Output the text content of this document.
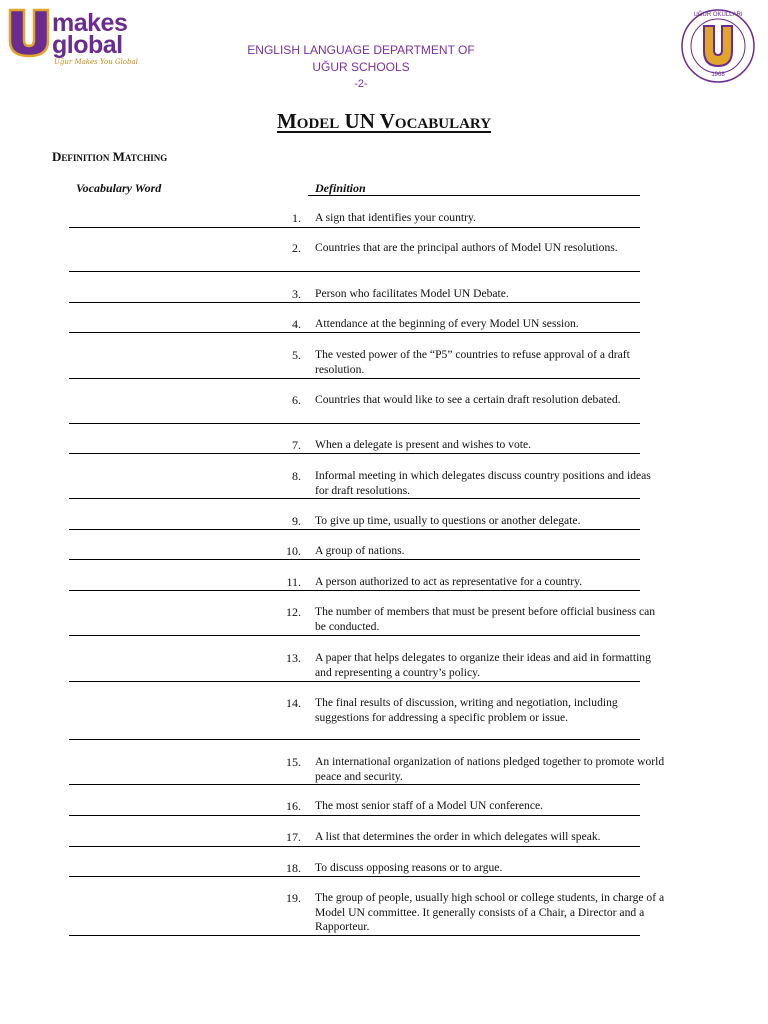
makes
global
Uğur Makes You Global
ENGLISH LANGUAGE DEPARTMENT OF
UĞUR SCHOOLS
-2-
UĞUR OKULLARI
1968
Model UN Vocabulary
Definition Matching
Vocabulary Word	Definition
1. A sign that identifies your country.
2. Countries that are the principal authors of Model UN resolutions.
3. Person who facilitates Model UN Debate.
4. Attendance at the beginning of every Model UN session.
5. The vested power of the “P5” countries to refuse approval of a draft resolution.
6. Countries that would like to see a certain draft resolution debated.
7. When a delegate is present and wishes to vote.
8. Informal meeting in which delegates discuss country positions and ideas for draft resolutions.
9. To give up time, usually to questions or another delegate.
10. A group of nations.
11. A person authorized to act as representative for a country.
12. The number of members that must be present before official business can be conducted.
13. A paper that helps delegates to organize their ideas and aid in formatting and representing a country’s policy.
14. The final results of discussion, writing and negotiation, including suggestions for addressing a specific problem or issue.
15. An international organization of nations pledged together to promote world peace and security.
16. The most senior staff of a Model UN conference.
17. A list that determines the order in which delegates will speak.
18. To discuss opposing reasons or to argue.
19. The group of people, usually high school or college students, in charge of a Model UN committee. It generally consists of a Chair, a Director and a Rapporteur.
